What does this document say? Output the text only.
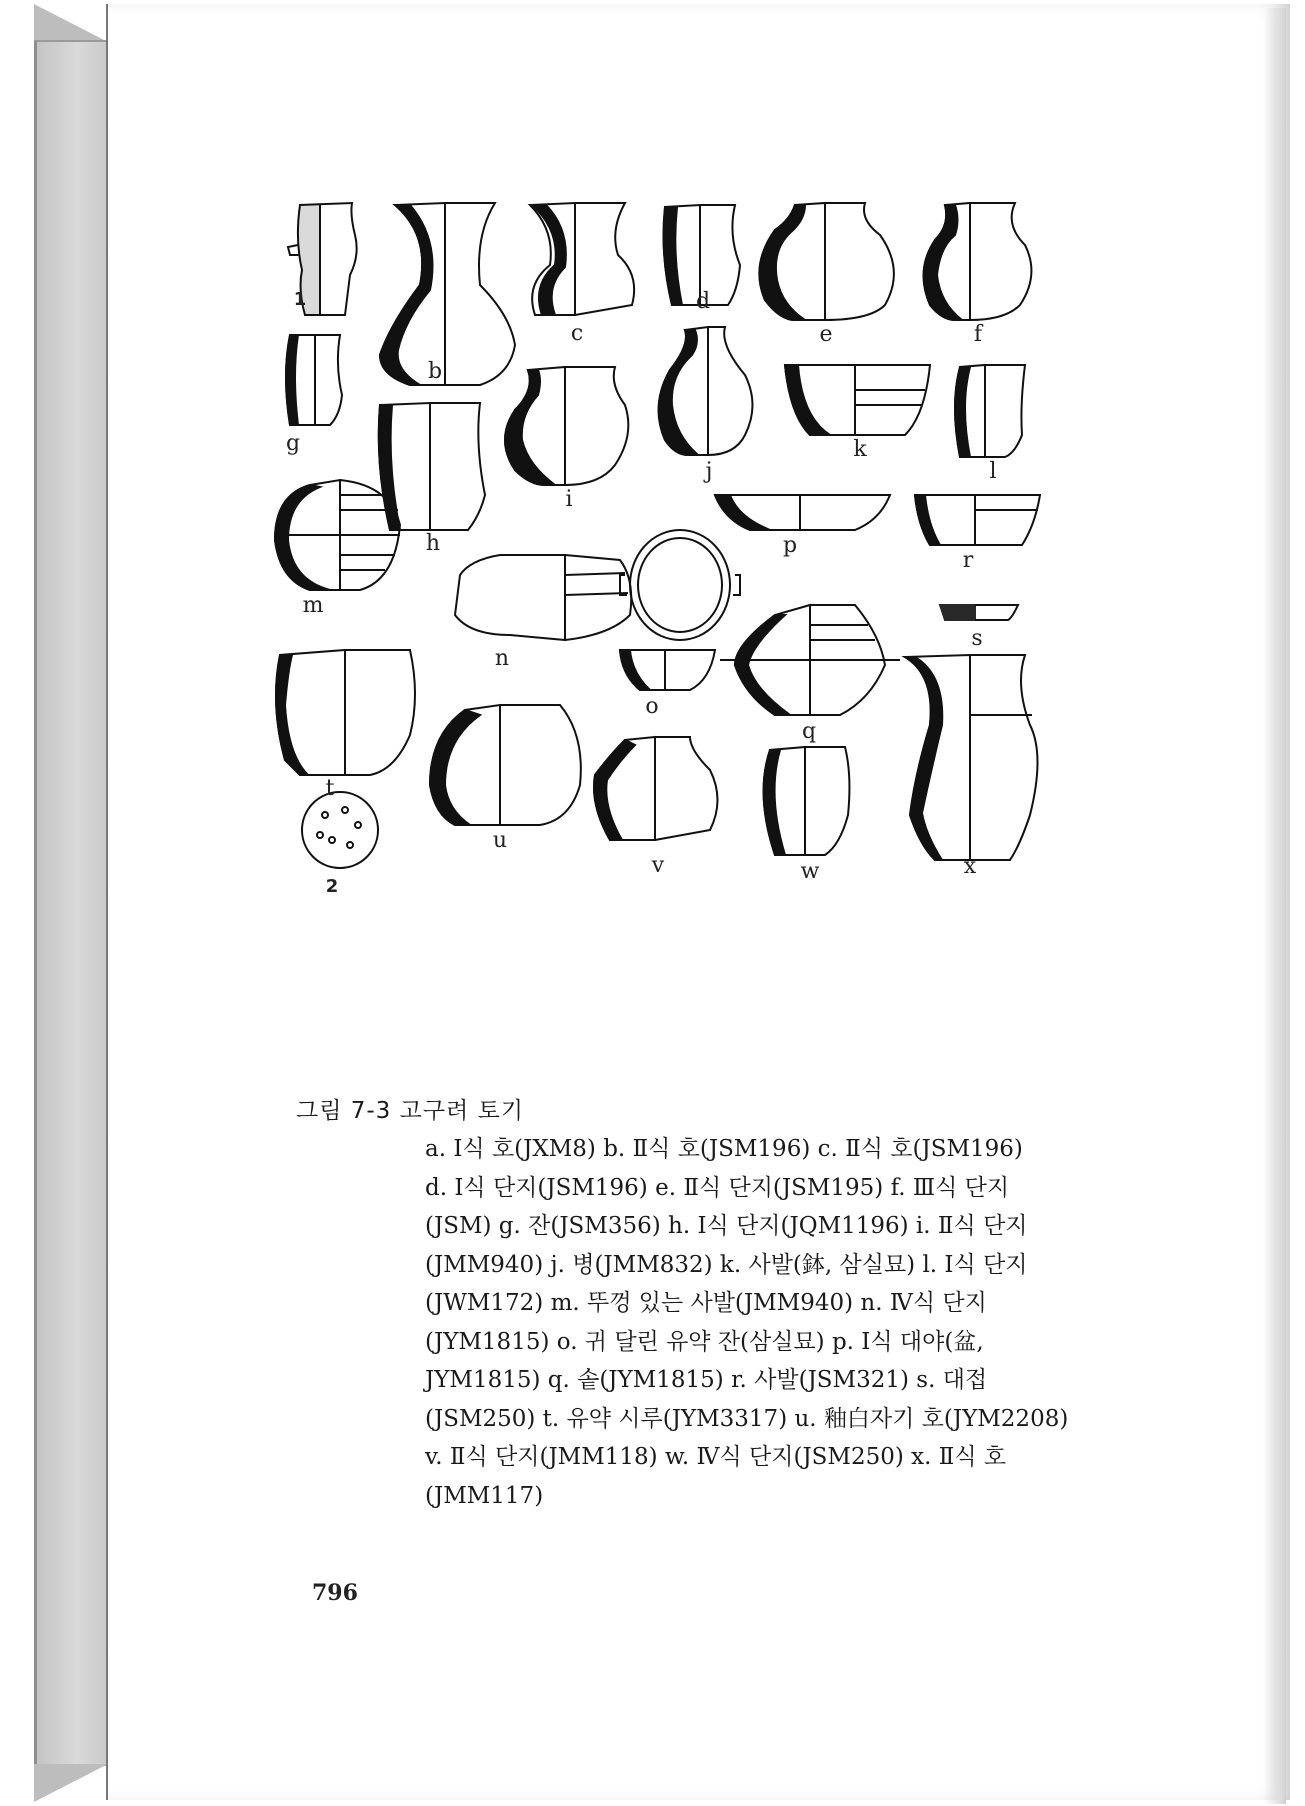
1
b
c
d
e	f
g
h
i
j
k
l
m
n
o
p
q
r
s
t
u
v	w	x
2
그림 7-3 고구려 토기
a. Ⅰ식 호(JXM8) b. Ⅱ식 호(JSM196) c. Ⅱ식 호(JSM196)
d. Ⅰ식 단지(JSM196) e. Ⅱ식 단지(JSM195) f. Ⅲ식 단지
(JSM) g. 잔(JSM356) h. Ⅰ식 단지(JQM1196) i. Ⅱ식 단지
(JMM940) j. 병(JMM832) k. 사발(鉢, 삼실묘) l. Ⅰ식 단지
(JWM172) m. 뚜껑 있는 사발(JMM940) n. Ⅳ식 단지
(JYM1815) o. 귀 달린 유약 잔(삼실묘) p. Ⅰ식 대야(盆,
JYM1815) q. 솥(JYM1815) r. 사발(JSM321) s. 대접
(JSM250) t. 유약 시루(JYM3317) u. 釉白자기 호(JYM2208)
v. Ⅱ식 단지(JMM118) w. Ⅳ식 단지(JSM250) x. Ⅱ식 호
(JMM117)
796
